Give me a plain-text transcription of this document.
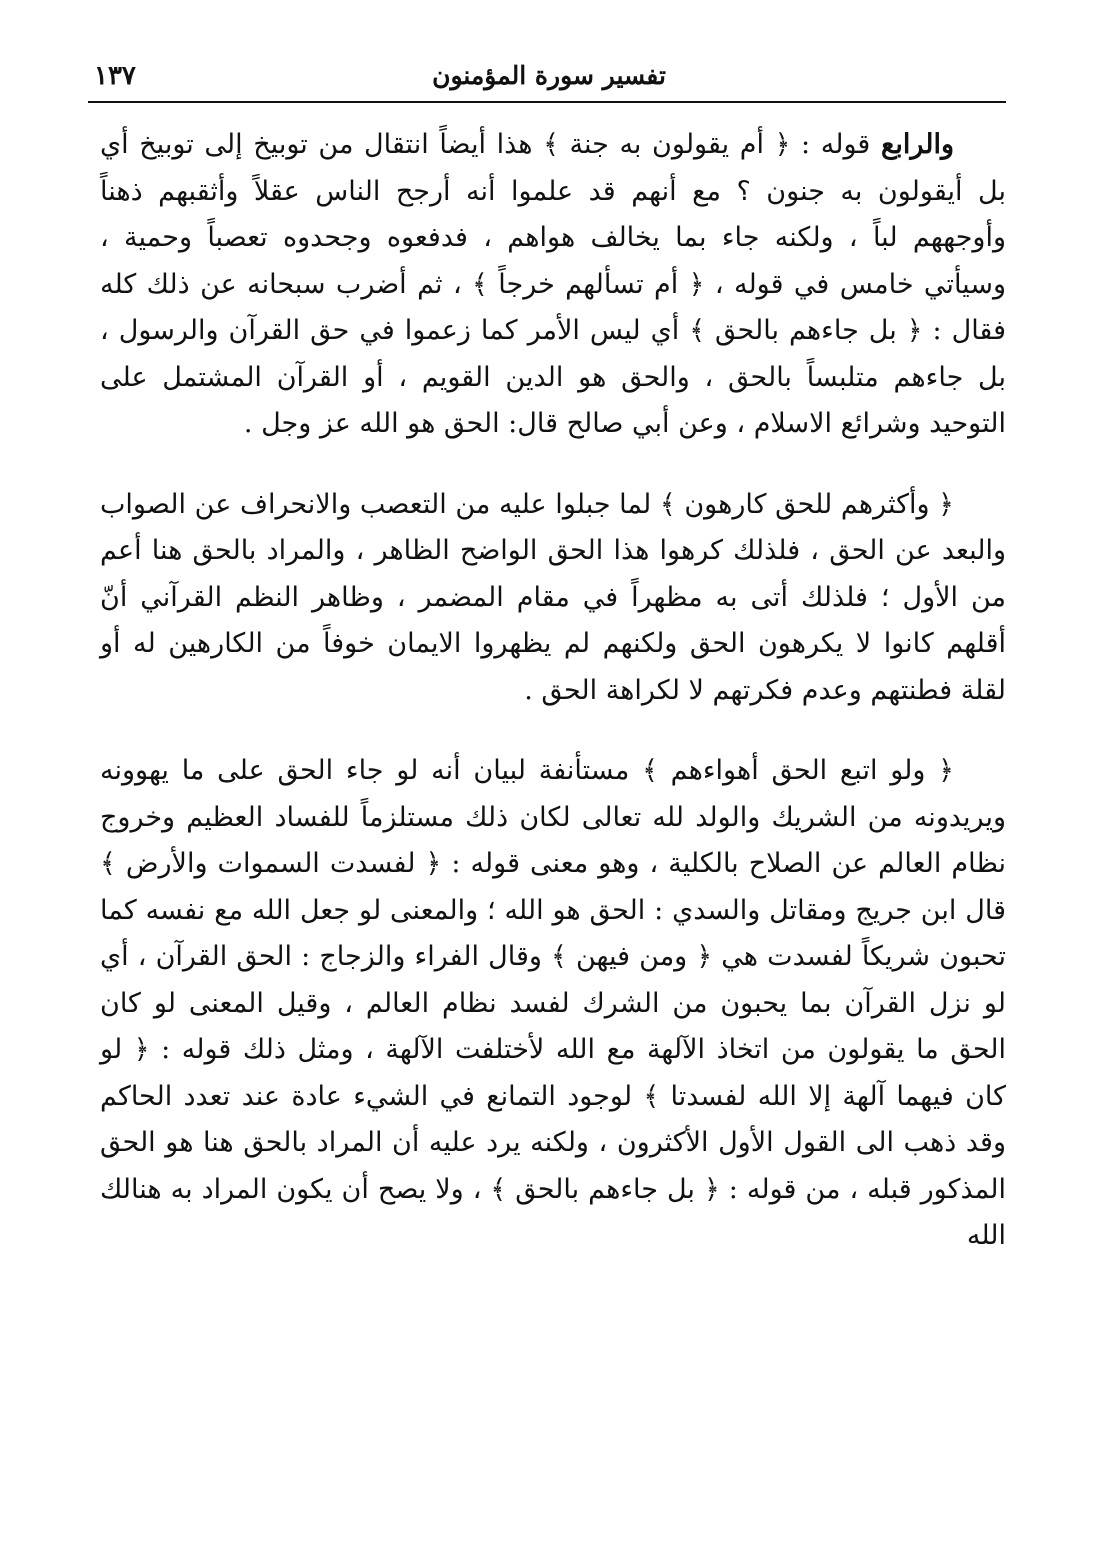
تفسير سورة المؤمنون
١٣٧

والرابع قوله : ﴿ أم يقولون به جنة ﴾ هذا أيضاً انتقال من توبيخ إلى توبيخ أي بل أيقولون به جنون ؟ مع أنهم قد علموا أنه أرجح الناس عقلاً وأثقبهم ذهناً وأوجههم لباً ، ولكنه جاء بما يخالف هواهم ، فدفعوه وجحدوه تعصباً وحمية ، وسيأتي خامس في قوله ، ﴿ أم تسألهم خرجاً ﴾ ، ثم أضرب سبحانه عن ذلك كله فقال : ﴿ بل جاءهم بالحق ﴾ أي ليس الأمر كما زعموا في حق القرآن والرسول ، بل جاءهم متلبساً بالحق ، والحق هو الدين القويم ، أو القرآن المشتمل على التوحيد وشرائع الاسلام ، وعن أبي صالح قال: الحق هو الله عز وجل .

﴿ وأكثرهم للحق كارهون ﴾ لما جبلوا عليه من التعصب والانحراف عن الصواب والبعد عن الحق ، فلذلك كرهوا هذا الحق الواضح الظاهر ، والمراد بالحق هنا أعم من الأول ؛ فلذلك أتى به مظهراً في مقام المضمر ، وظاهر النظم القرآني أنّ أقلهم كانوا لا يكرهون الحق ولكنهم لم يظهروا الايمان خوفاً من الكارهين له أو لقلة فطنتهم وعدم فكرتهم لا لكراهة الحق .

﴿ ولو اتبع الحق أهواءهم ﴾ مستأنفة لبيان أنه لو جاء الحق على ما يهوونه ويريدونه من الشريك والولد لله تعالى لكان ذلك مستلزماً للفساد العظيم وخروج نظام العالم عن الصلاح بالكلية ، وهو معنى قوله : ﴿ لفسدت السموات والأرض ﴾ قال ابن جريج ومقاتل والسدي : الحق هو الله ؛ والمعنى لو جعل الله مع نفسه كما تحبون شريكاً لفسدت هي ﴿ ومن فيهن ﴾ وقال الفراء والزجاج : الحق القرآن ، أي لو نزل القرآن بما يحبون من الشرك لفسد نظام العالم ، وقيل المعنى لو كان الحق ما يقولون من اتخاذ الآلهة مع الله لأختلفت الآلهة ، ومثل ذلك قوله : ﴿ لو كان فيهما آلهة إلا الله لفسدتا ﴾ لوجود التمانع في الشيء عادة عند تعدد الحاكم وقد ذهب الى القول الأول الأكثرون ، ولكنه يرد عليه أن المراد بالحق هنا هو الحق المذكور قبله ، من قوله : ﴿ بل جاءهم بالحق ﴾ ، ولا يصح أن يكون المراد به هنالك الله
